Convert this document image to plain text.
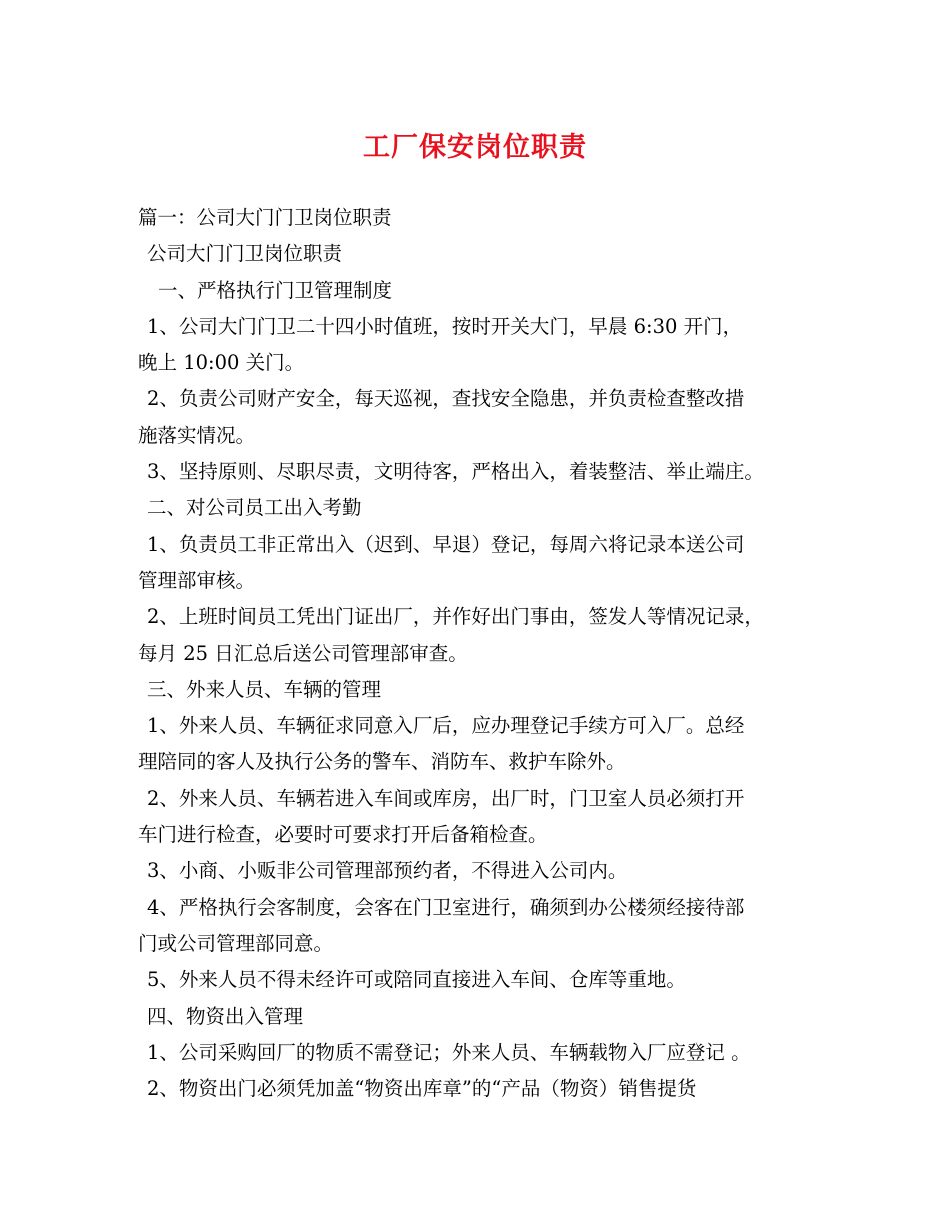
工厂保安岗位职责
篇一：公司大门门卫岗位职责
公司大门门卫岗位职责
一、严格执行门卫管理制度
1、公司大门门卫二十四小时值班，按时开关大门，早晨 6:30 开门，
晚上 10:00 关门。
2、负责公司财产安全，每天巡视，查找安全隐患，并负责检查整改措
施落实情况。
3、坚持原则、尽职尽责，文明待客，严格出入，着装整洁、举止端庄。
二、对公司员工出入考勤
1、负责员工非正常出入（迟到、早退）登记，每周六将记录本送公司
管理部审核。
2、上班时间员工凭出门证出厂，并作好出门事由，签发人等情况记录，
每月 25 日汇总后送公司管理部审查。
三、外来人员、车辆的管理
1、外来人员、车辆征求同意入厂后，应办理登记手续方可入厂。总经
理陪同的客人及执行公务的警车、消防车、救护车除外。
2、外来人员、车辆若进入车间或库房，出厂时，门卫室人员必须打开
车门进行检查，必要时可要求打开后备箱检查。
3、小商、小贩非公司管理部预约者，不得进入公司内。
4、严格执行会客制度，会客在门卫室进行，确须到办公楼须经接待部
门或公司管理部同意。
5、外来人员不得未经许可或陪同直接进入车间、仓库等重地。
四、物资出入管理
1、公司采购回厂的物质不需登记；外来人员、车辆载物入厂应登记 。
2、物资出门必须凭加盖“物资出库章”的“产品（物资）销售提货
